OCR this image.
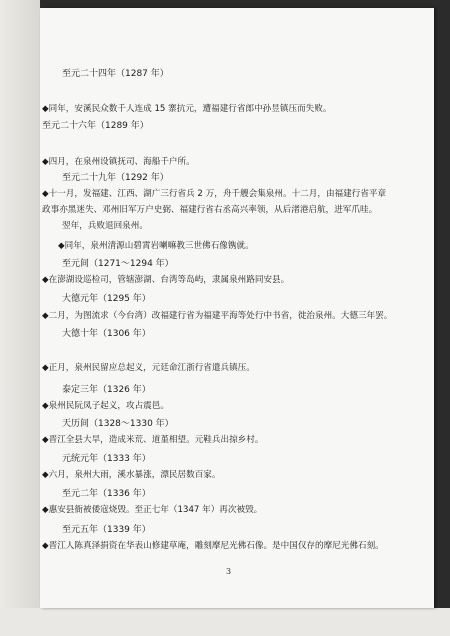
至元二十四年（1287 年）
◆同年，安溪民众数千人连成 15 寨抗元，遭福建行省郎中孙昱镇压而失败。
至元二十六年（1289 年）
◆四月，在泉州设镇抚司、海船千户所。
至元二十九年（1292 年）
◆十一月，发福建、江西、湖广三行省兵 2 万，舟千艘会集泉州。十二月，由福建行省平章
政事亦黑迷失、邓州旧军万户史弼、福建行省右丞高兴率领，从后渚港启航，进军爪哇。
翌年，兵败退回泉州。
◆同年，泉州清源山碧霄岩喇嘛教三世佛石像镌就。
至元间（1271～1294 年）
◆在澎湖设巡检司，管辖澎湖、台湾等岛屿，隶属泉州路同安县。
大德元年（1295 年）
◆二月，为图流求（今台湾）改福建行省为福建平海等处行中书省，徙治泉州。大德三年罢。
大德十年（1306 年）
◆正月，泉州民留应总起义，元廷命江浙行省遣兵镇压。
泰定三年（1326 年）
◆泉州民阮凤子起义，攻占震邑。
天历间（1328～1330 年）
◆晋江全县大旱，造成米荒、道堇相望。元鞋兵出掠乡村。
元统元年（1333 年）
◆六月，泉州大雨，溪水暴涨，漂民居数百家。
至元二年（1336 年）
◆惠安县衙被倭寇烧毁。至正七年（1347 年）再次被毁。
至元五年（1339 年）
◆晋江人陈真泽捐资在华表山修建草庵，雕刻摩尼光佛石像。是中国仅存的摩尼光佛石刻。
3
